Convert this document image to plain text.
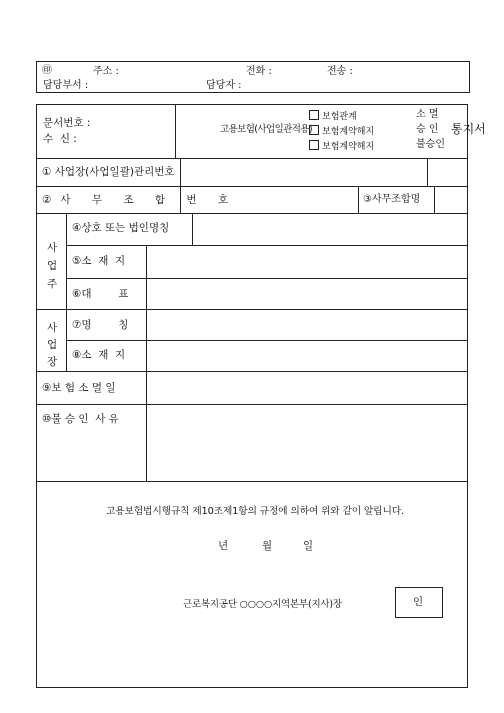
㊞	주소 :	전화 :	전송 :
담당부서 :	담당자 :
문서번호 :
수  신 :
고용보험(사업일관적용)
보험관계
보험계약해지
보험계약해지
소 멸
승 인
불승인
통지서
① 사업장(사업일괄)관리번호
②사 무 조 합 번 호	③사무조합명
사
업
주
④상호 또는 법인명칭
⑤소  재  지
⑥대        표
사
업
장
⑦명        칭
⑧소  재  지
⑨보 험 소 멸 일
⑩불 승 인  사 유
고용보험법시행규칙 제10조제1항의 규정에 의하여 위와 같이 알립니다.
년	월	일
근로복지공단 ○○○○지역본부(지사)장	인
